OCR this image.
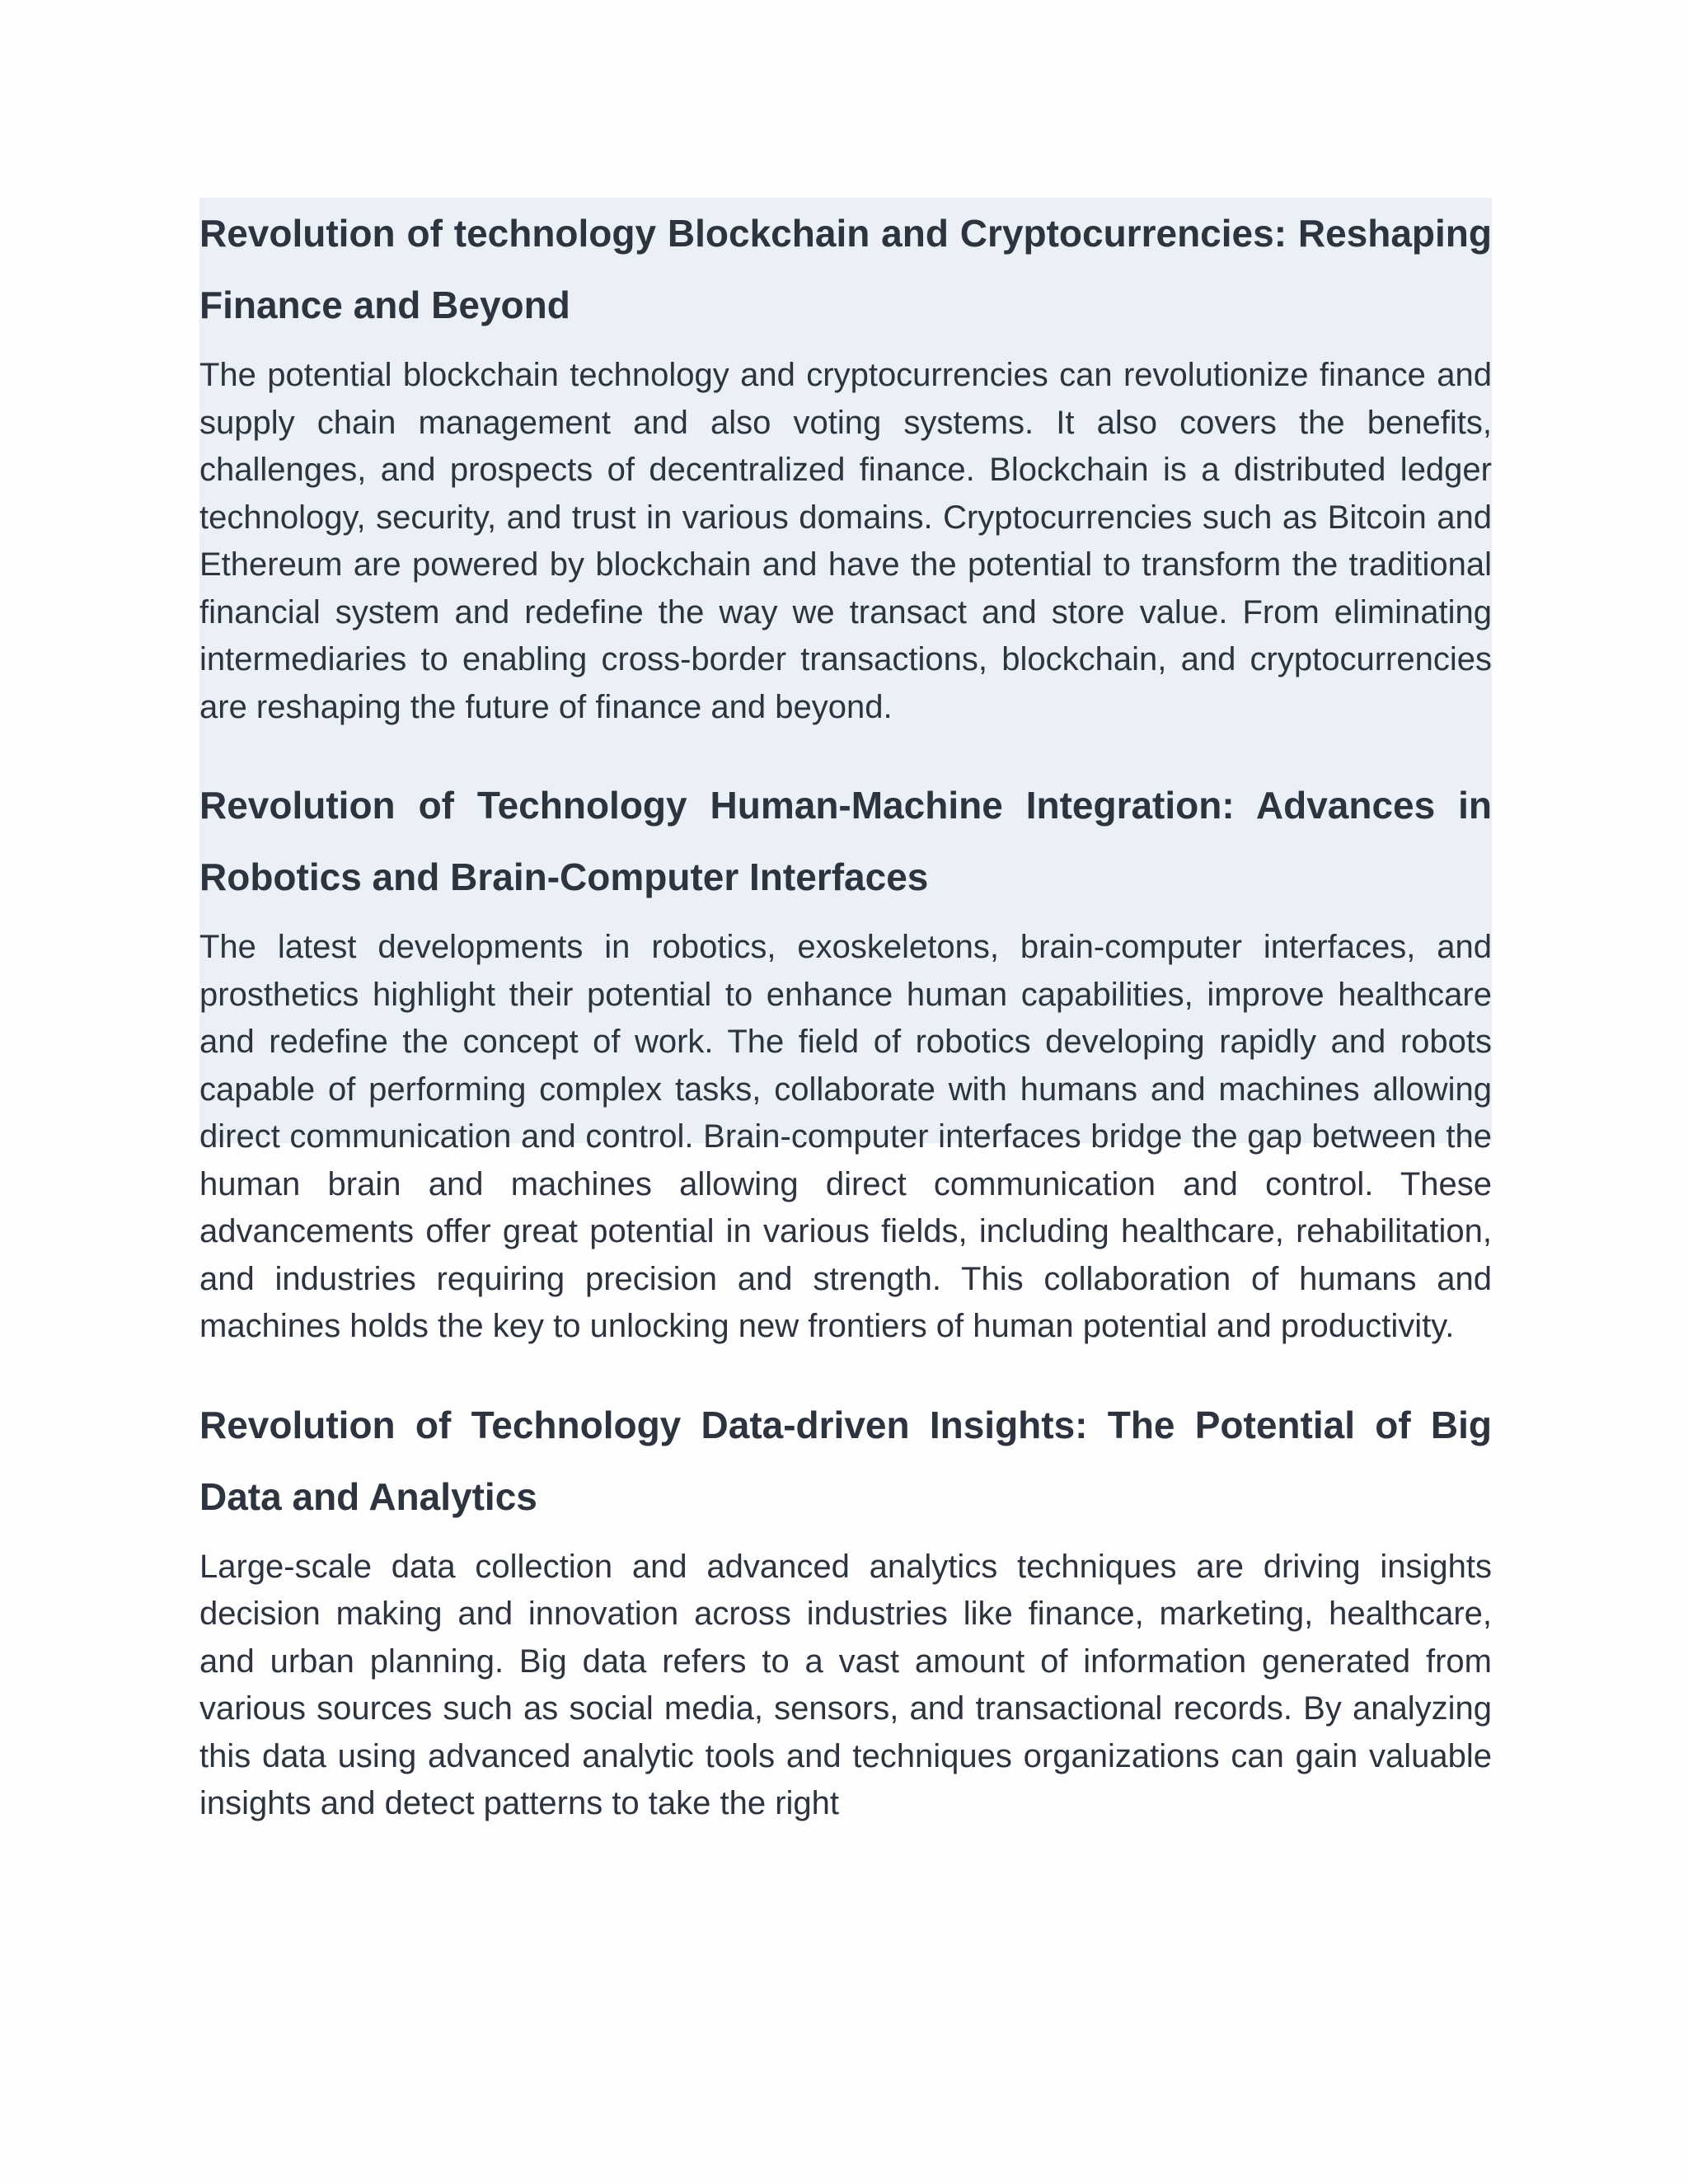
Revolution of technology Blockchain and Cryptocurrencies: Reshaping Finance and Beyond

The potential blockchain technology and cryptocurrencies can revolutionize finance and supply chain management and also voting systems. It also covers the benefits, challenges, and prospects of decentralized finance. Blockchain is a distributed ledger technology, security, and trust in various domains. Cryptocurrencies such as Bitcoin and Ethereum are powered by blockchain and have the potential to transform the traditional financial system and redefine the way we transact and store value. From eliminating intermediaries to enabling cross-border transactions, blockchain, and cryptocurrencies are reshaping the future of finance and beyond.

Revolution of Technology Human-Machine Integration: Advances in Robotics and Brain-Computer Interfaces

The latest developments in robotics, exoskeletons, brain-computer interfaces, and prosthetics highlight their potential to enhance human capabilities, improve healthcare and redefine the concept of work. The field of robotics developing rapidly and robots capable of performing complex tasks, collaborate with humans and machines allowing direct communication and control. Brain-computer interfaces bridge the gap between the human brain and machines allowing direct communication and control. These advancements offer great potential in various fields, including healthcare, rehabilitation, and industries requiring precision and strength. This collaboration of humans and machines holds the key to unlocking new frontiers of human potential and productivity.

Revolution of Technology Data-driven Insights: The Potential of Big Data and Analytics

Large-scale data collection and advanced analytics techniques are driving insights decision making and innovation across industries like finance, marketing, healthcare, and urban planning. Big data refers to a vast amount of information generated from various sources such as social media, sensors, and transactional records. By analyzing this data using advanced analytic tools and techniques organizations can gain valuable insights and detect patterns to take the right
